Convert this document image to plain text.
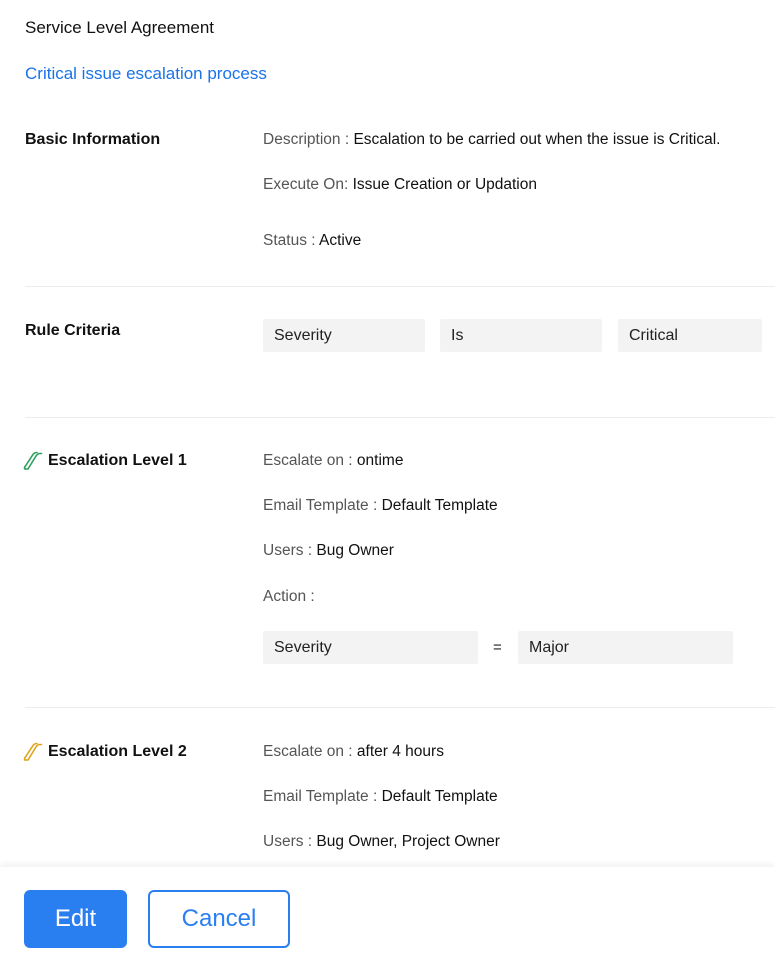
Service Level Agreement
Critical issue escalation process
Basic Information	Description : Escalation to be carried out when the issue is Critical.
Execute On: Issue Creation or Updation
Status : Active
Rule Criteria	Severity	Is	Critical
Escalation Level 1	Escalate on : ontime
Email Template : Default Template
Users : Bug Owner
Action :
Severity	=	Major
Escalation Level 2	Escalate on : after 4 hours
Email Template : Default Template
Users : Bug Owner, Project Owner
Edit	Cancel
